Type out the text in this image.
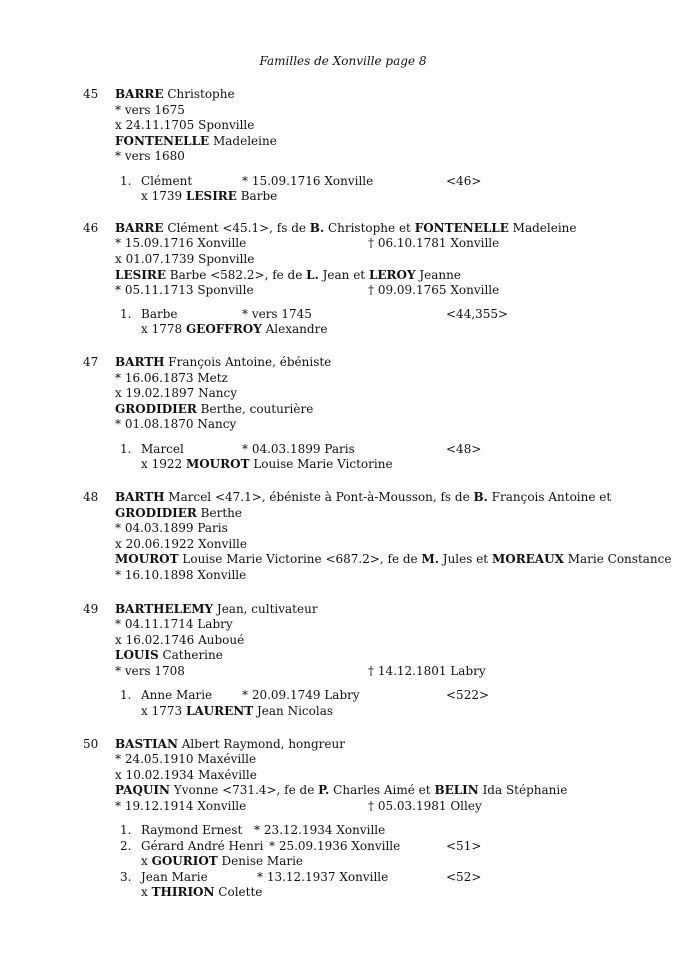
Familles de Xonville page 8
45 BARRE Christophe
* vers 1675
x 24.11.1705 Sponville
FONTENELLE Madeleine
* vers 1680
1. Clément	* 15.09.1716 Xonville	<46>
x 1739 LESIRE Barbe
46 BARRE Clément <45.1>, fs de B. Christophe et FONTENELLE Madeleine
* 15.09.1716 Xonville	† 06.10.1781 Xonville
x 01.07.1739 Sponville
LESIRE Barbe <582.2>, fe de L. Jean et LEROY Jeanne
* 05.11.1713 Sponville	† 09.09.1765 Xonville
1. Barbe	* vers 1745	<44,355>
x 1778 GEOFFROY Alexandre
47 BARTH François Antoine, ébéniste
* 16.06.1873 Metz
x 19.02.1897 Nancy
GRODIDIER Berthe, couturière
* 01.08.1870 Nancy
1. Marcel	* 04.03.1899 Paris	<48>
x 1922 MOUROT Louise Marie Victorine
48 BARTH Marcel <47.1>, ébéniste à Pont-à-Mousson, fs de B. François Antoine et GRODIDIER Berthe
* 04.03.1899 Paris
x 20.06.1922 Xonville
MOUROT Louise Marie Victorine <687.2>, fe de M. Jules et MOREAUX Marie Constance
* 16.10.1898 Xonville
49 BARTHELEMY Jean, cultivateur
* 04.11.1714 Labry
x 16.02.1746 Auboué
LOUIS Catherine
* vers 1708	† 14.12.1801 Labry
1. Anne Marie * 20.09.1749 Labry	<522>
x 1773 LAURENT Jean Nicolas
50 BASTIAN Albert Raymond, hongreur
* 24.05.1910 Maxéville
x 10.02.1934 Maxéville
PAQUIN Yvonne <731.4>, fe de P. Charles Aimé et BELIN Ida Stéphanie
* 19.12.1914 Xonville	† 05.03.1981 Olley
1. Raymond Ernest * 23.12.1934 Xonville
2. Gérard André Henri * 25.09.1936 Xonville	<51>
x GOURIOT Denise Marie
3. Jean Marie	* 13.12.1937 Xonville	<52>
x THIRION Colette
